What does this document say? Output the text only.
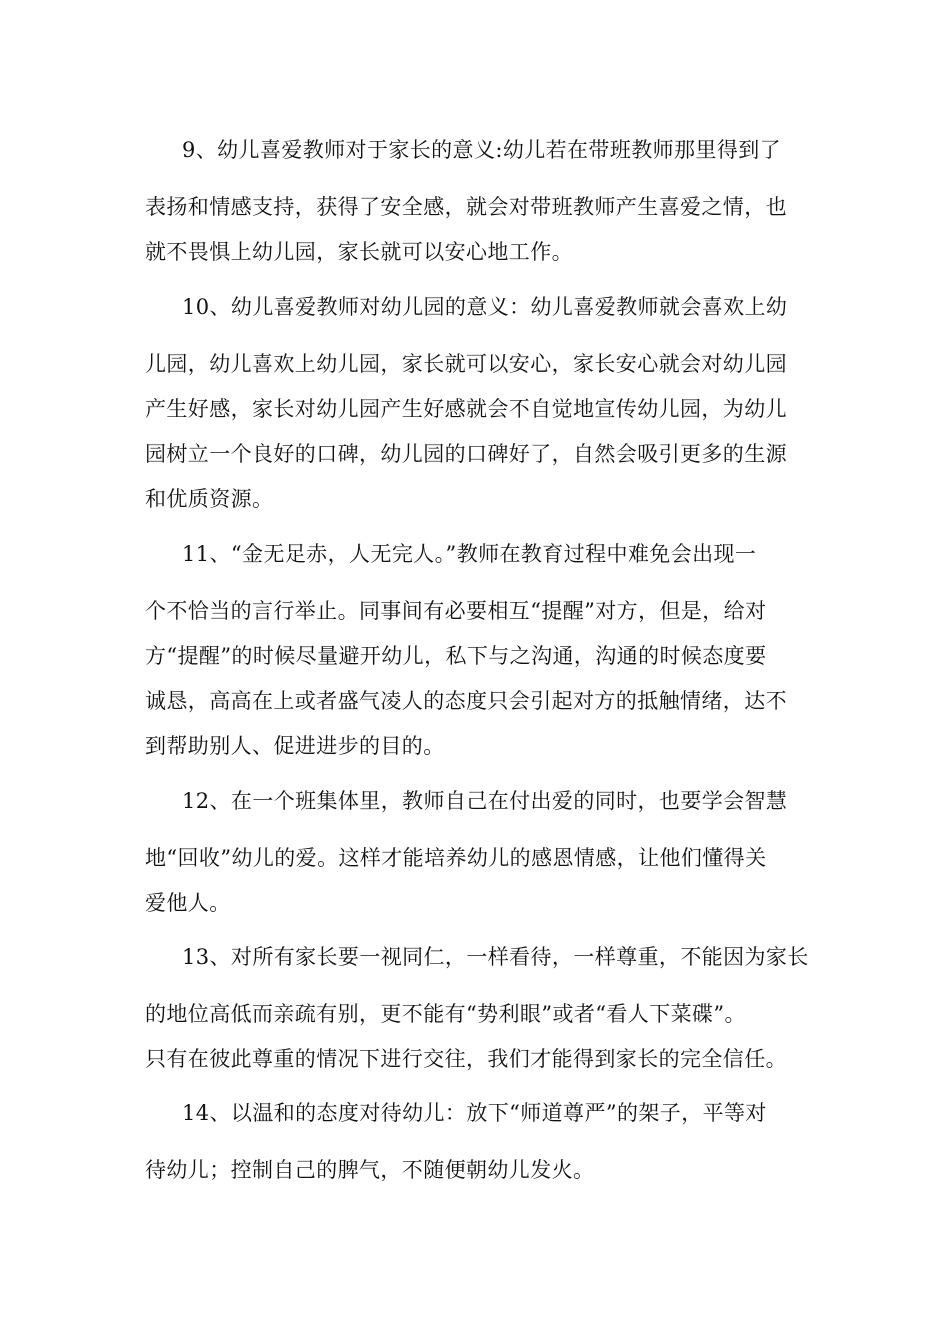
9、幼儿喜爱教师对于家长的意义:幼儿若在带班教师那里得到了
表扬和情感支持，获得了安全感，就会对带班教师产生喜爱之情，也
就不畏惧上幼儿园，家长就可以安心地工作。
10、幼儿喜爱教师对幼儿园的意义：幼儿喜爱教师就会喜欢上幼
儿园，幼儿喜欢上幼儿园，家长就可以安心，家长安心就会对幼儿园
产生好感，家长对幼儿园产生好感就会不自觉地宣传幼儿园，为幼儿
园树立一个良好的口碑，幼儿园的口碑好了，自然会吸引更多的生源
和优质资源。
11、“金无足赤，人无完人。”教师在教育过程中难免会出现一
个不恰当的言行举止。同事间有必要相互“提醒”对方，但是，给对
方“提醒”的时候尽量避开幼儿，私下与之沟通，沟通的时候态度要
诚恳，高高在上或者盛气凌人的态度只会引起对方的抵触情绪，达不
到帮助别人、促进进步的目的。
12、在一个班集体里，教师自己在付出爱的同时，也要学会智慧
地“回收”幼儿的爱。这样才能培养幼儿的感恩情感，让他们懂得关
爱他人。
13、对所有家长要一视同仁，一样看待，一样尊重，不能因为家长
的地位高低而亲疏有别，更不能有“势利眼”或者“看人下菜碟”。
只有在彼此尊重的情况下进行交往，我们才能得到家长的完全信任。
14、以温和的态度对待幼儿：放下“师道尊严”的架子，平等对
待幼儿；控制自己的脾气，不随便朝幼儿发火。
